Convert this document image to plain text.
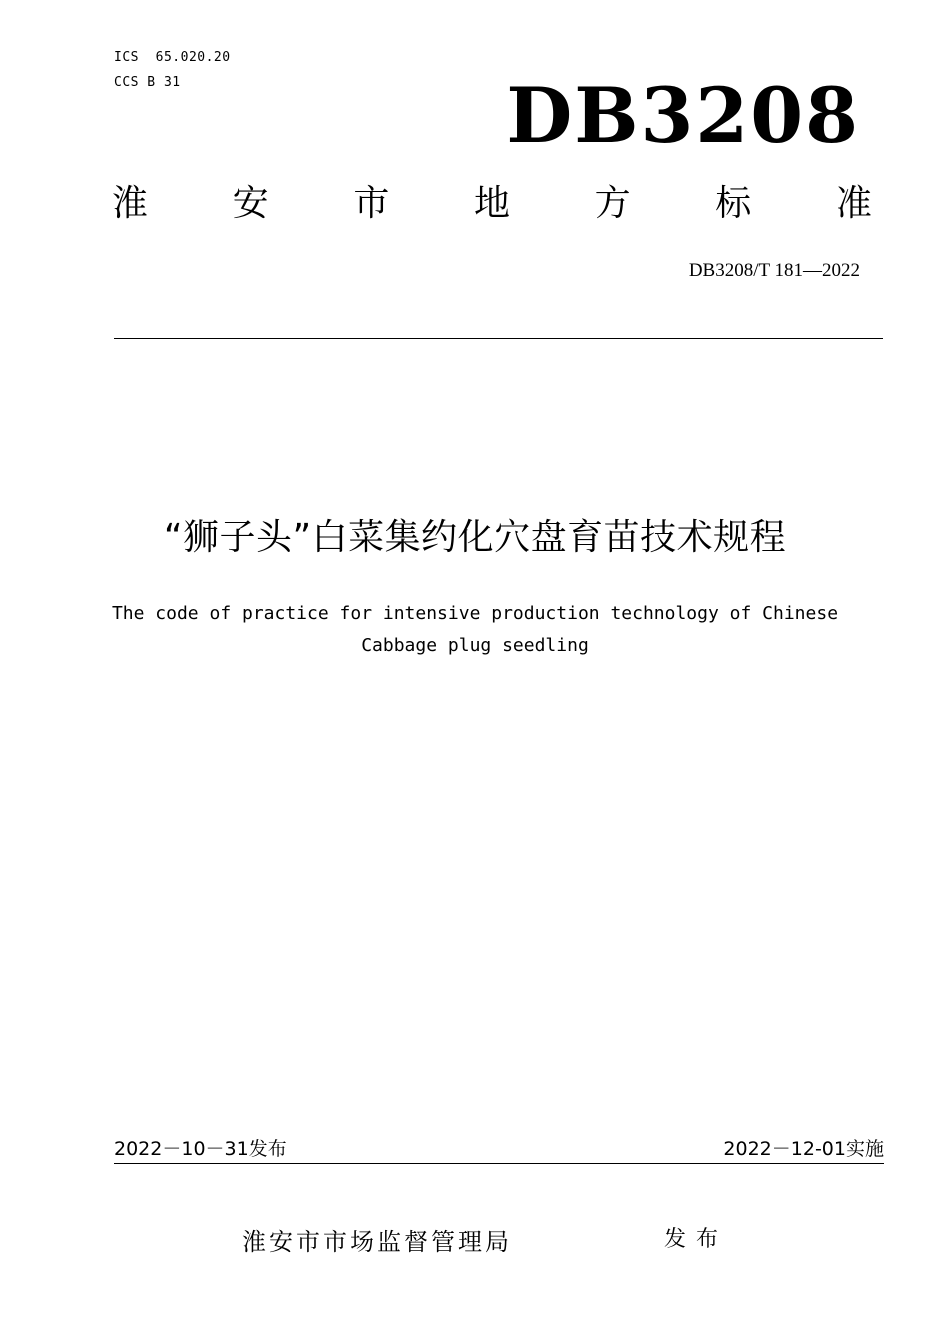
ICS  65.020.20
CCS B 31	DB3208
淮 安 市 地 方 标 准
DB3208/T 181—2022
“狮子头”白菜集约化穴盘育苗技术规程
The code of practice for intensive production technology of Chinese
Cabbage plug seedling
2022－10－31发布	2022－12-01实施
淮安市市场监督管理局	发布
